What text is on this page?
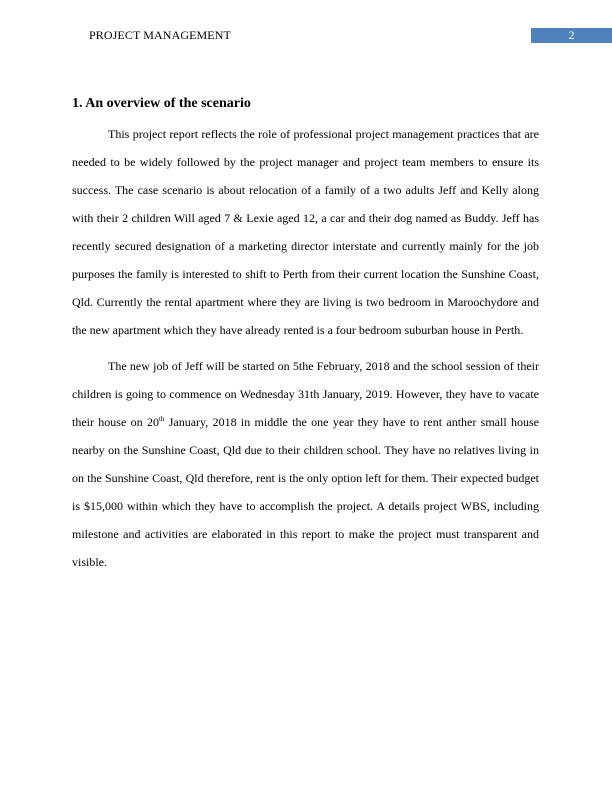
PROJECT MANAGEMENT	2
1. An overview of the scenario

This project report reflects the role of professional project management practices that are needed to be widely followed by the project manager and project team members to ensure its success. The case scenario is about relocation of a family of a two adults Jeff and Kelly along with their 2 children Will aged 7 & Lexie aged 12, a car and their dog named as Buddy. Jeff has recently secured designation of a marketing director interstate and currently mainly for the job purposes the family is interested to shift to Perth from their current location the Sunshine Coast, Qld. Currently the rental apartment where they are living is two bedroom in Maroochydore and the new apartment which they have already rented is a four bedroom suburban house in Perth.

The new job of Jeff will be started on 5the February, 2018 and the school session of their children is going to commence on Wednesday 31th January, 2019. However, they have to vacate their house on 20th January, 2018 in middle the one year they have to rent anther small house nearby on the Sunshine Coast, Qld due to their children school. They have no relatives living in on the Sunshine Coast, Qld therefore, rent is the only option left for them. Their expected budget is $15,000 within which they have to accomplish the project. A details project WBS, including milestone and activities are elaborated in this report to make the project must transparent and visible.
